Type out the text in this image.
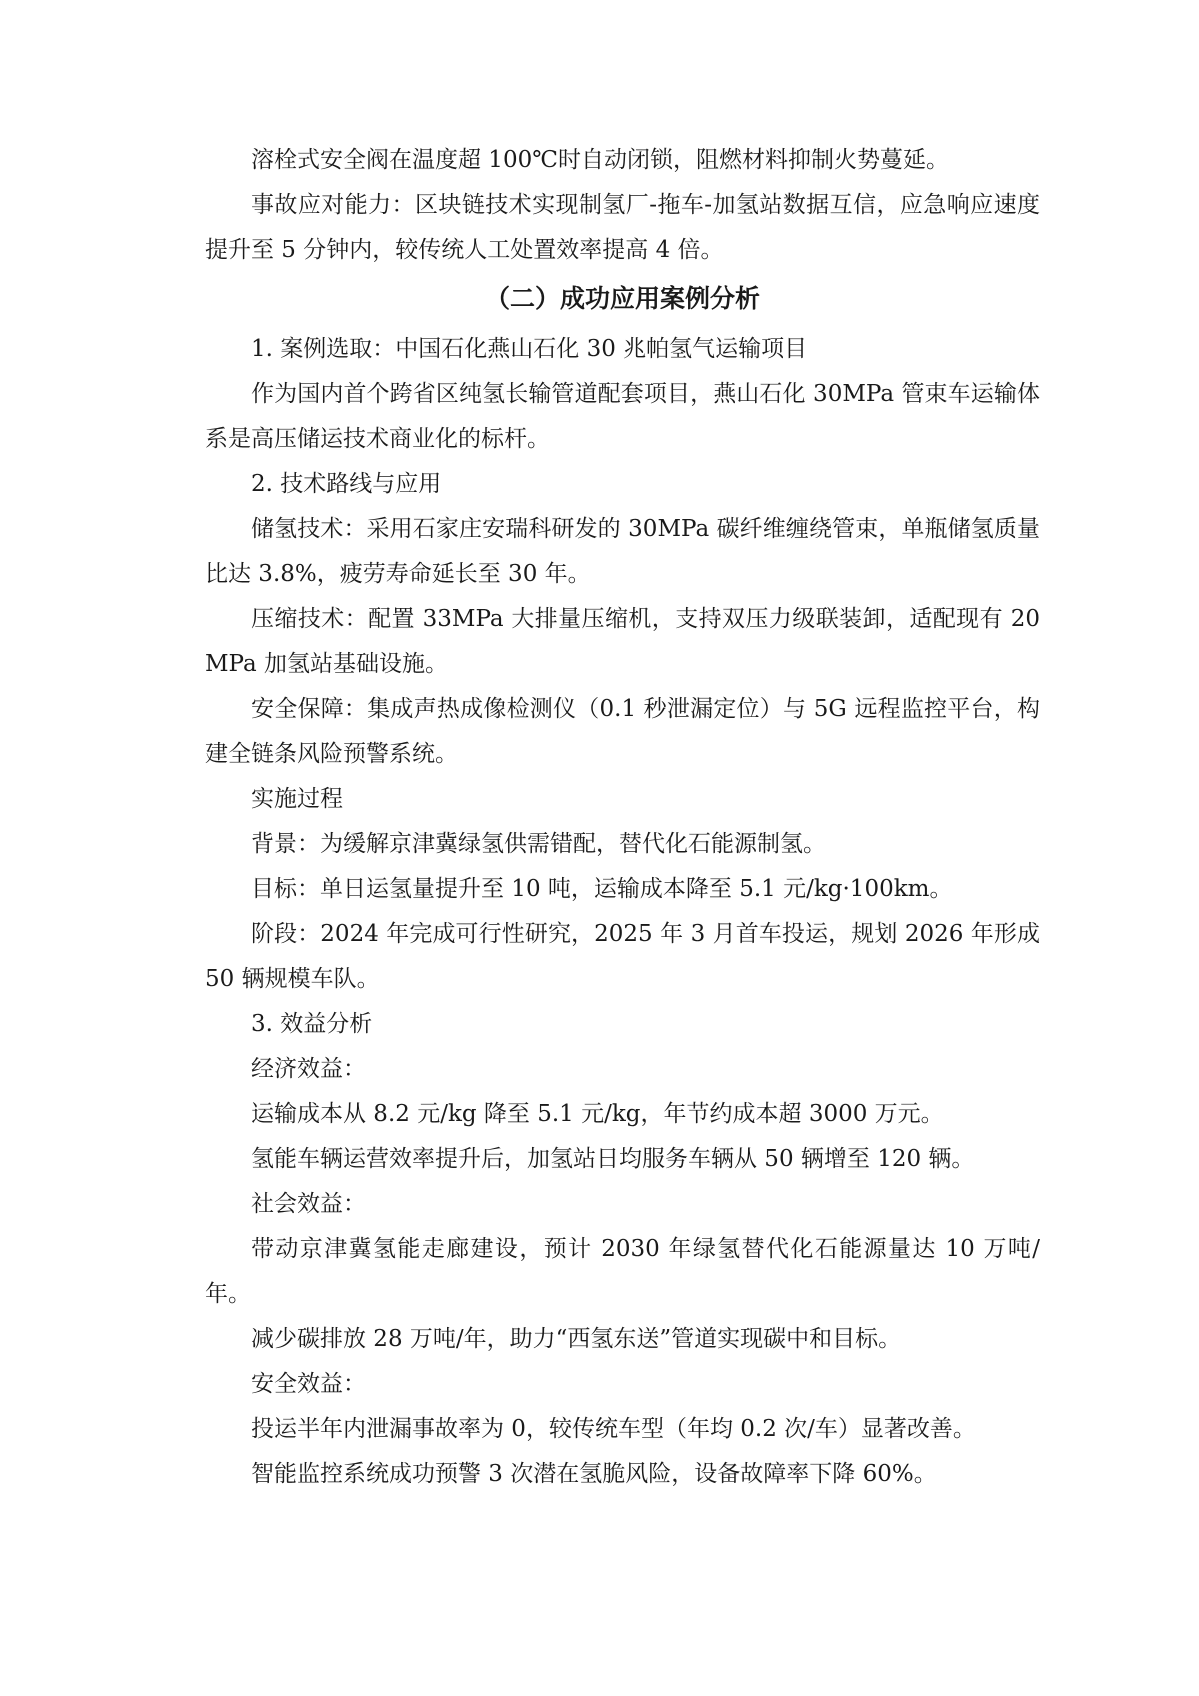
溶栓式安全阀在温度超 100℃时自动闭锁，阻燃材料抑制火势蔓延。

事故应对能力：区块链技术实现制氢厂-拖车-加氢站数据互信，应急响应速度提升至 5 分钟内，较传统人工处置效率提高 4 倍。

（二）成功应用案例分析

1. 案例选取：中国石化燕山石化 30 兆帕氢气运输项目

作为国内首个跨省区纯氢长输管道配套项目，燕山石化 30MPa 管束车运输体系是高压储运技术商业化的标杆。

2. 技术路线与应用

储氢技术：采用石家庄安瑞科研发的 30MPa 碳纤维缠绕管束，单瓶储氢质量比达 3.8%，疲劳寿命延长至 30 年。

压缩技术：配置 33MPa 大排量压缩机，支持双压力级联装卸，适配现有 20MPa 加氢站基础设施。

安全保障：集成声热成像检测仪（0.1 秒泄漏定位）与 5G 远程监控平台，构建全链条风险预警系统。

实施过程

背景：为缓解京津冀绿氢供需错配，替代化石能源制氢。

目标：单日运氢量提升至 10 吨，运输成本降至 5.1 元/kg·100km。

阶段：2024 年完成可行性研究，2025 年 3 月首车投运，规划 2026 年形成 50 辆规模车队。

3. 效益分析

经济效益：

运输成本从 8.2 元/kg 降至 5.1 元/kg，年节约成本超 3000 万元。

氢能车辆运营效率提升后，加氢站日均服务车辆从 50 辆增至 120 辆。

社会效益：

带动京津冀氢能走廊建设，预计 2030 年绿氢替代化石能源量达 10 万吨/年。

减少碳排放 28 万吨/年，助力“西氢东送”管道实现碳中和目标。

安全效益：

投运半年内泄漏事故率为 0，较传统车型（年均 0.2 次/车）显著改善。

智能监控系统成功预警 3 次潜在氢脆风险，设备故障率下降 60%。
